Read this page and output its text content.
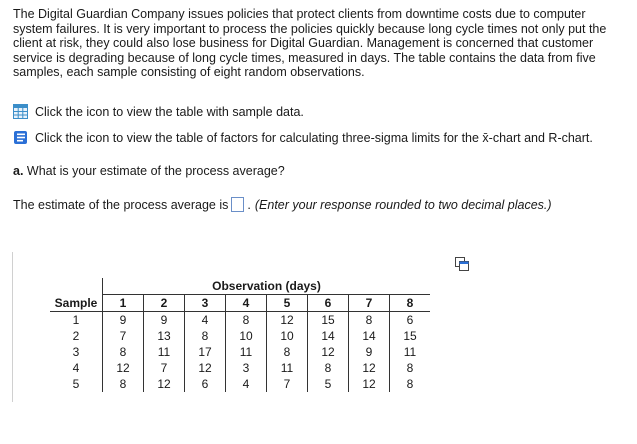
The Digital Guardian Company issues policies that protect clients from downtime costs due to computer
system failures. It is very important to process the policies quickly because long cycle times not only put the
client at risk, they could also lose business for Digital Guardian. Management is concerned that customer
service is degrading because of long cycle times, measured in days. The table contains the data from five
samples, each sample consisting of eight random observations.
Click the icon to view the table with sample data.
Click the icon to view the table of factors for calculating three-sigma limits for the x̄-chart and R-chart.

a. What is your estimate of the process average?

The estimate of the process average is . (Enter your response rounded to two decimal places.)
	Observation (days)							
Sample	1	2	3	4	5	6	7	8
1	9	9	4	8	12	15	8	6
2	7	13	8	10	10	14	14	15
3	8	11	17	11	8	12	9	11
4	12	7	12	3	11	8	12	8
5	8	12	6	4	7	5	12	8
